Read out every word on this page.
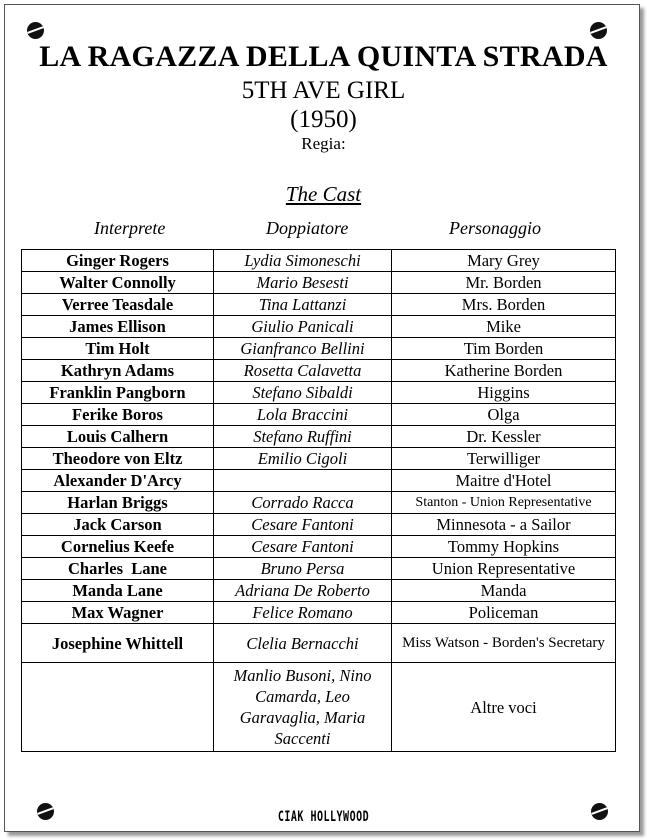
LA RAGAZZA DELLA QUINTA STRADA
5TH AVE GIRL
(1950)
Regia:
The Cast
Interprete	Doppiatore	Personaggio
Ginger Rogers	Lydia Simoneschi	Mary Grey
Walter Connolly	Mario Besesti	Mr. Borden
Verree Teasdale	Tina Lattanzi	Mrs. Borden
James Ellison	Giulio Panicali	Mike
Tim Holt	Gianfranco Bellini	Tim Borden
Kathryn Adams	Rosetta Calavetta	Katherine Borden
Franklin Pangborn	Stefano Sibaldi	Higgins
Ferike Boros	Lola Braccini	Olga
Louis Calhern	Stefano Ruffini	Dr. Kessler
Theodore von Eltz	Emilio Cigoli	Terwilliger
Alexander D'Arcy		Maitre d'Hotel
Harlan Briggs	Corrado Racca	Stanton - Union Representative
Jack Carson	Cesare Fantoni	Minnesota - a Sailor
Cornelius Keefe	Cesare Fantoni	Tommy Hopkins
Charles  Lane	Bruno Persa	Union Representative
Manda Lane	Adriana De Roberto	Manda
Max Wagner	Felice Romano	Policeman
Josephine Whittell	Clelia Bernacchi	Miss Watson - Borden's Secretary
	Manlio Busoni, Nino Camarda, Leo Garavaglia, Maria Saccenti	Altre voci
CIAK HOLLYWOOD
